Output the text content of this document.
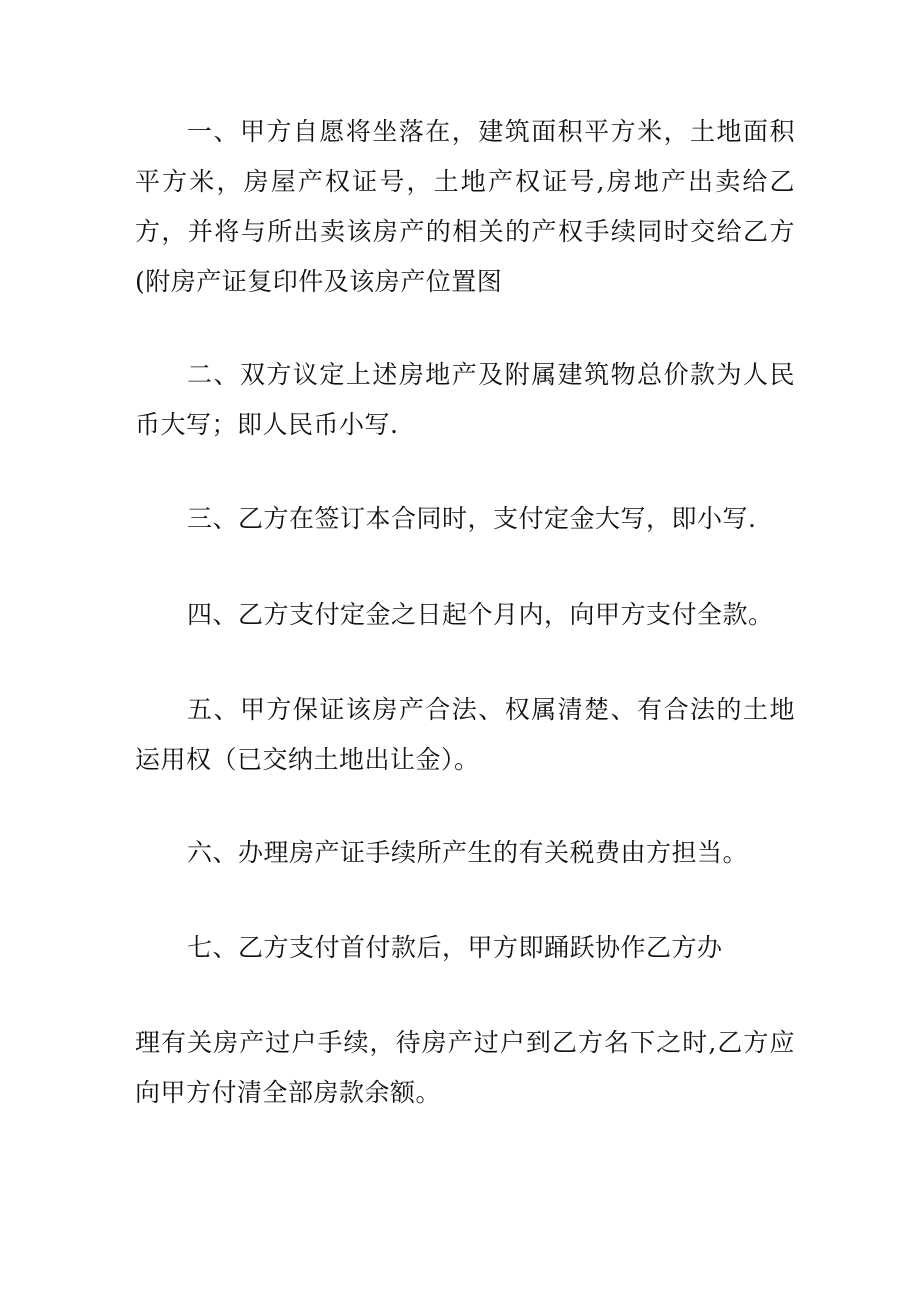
一、甲方自愿将坐落在，建筑面积平方米，土地面积平方米，房屋产权证号，土地产权证号,房地产出卖给乙方，并将与所出卖该房产的相关的产权手续同时交给乙方(附房产证复印件及该房产位置图

二、双方议定上述房地产及附属建筑物总价款为人民币大写；即人民币小写.

三、乙方在签订本合同时，支付定金大写，即小写.

四、乙方支付定金之日起个月内，向甲方支付全款。

五、甲方保证该房产合法、权属清楚、有合法的土地运用权（已交纳土地出让金）。

六、办理房产证手续所产生的有关税费由方担当。

七、乙方支付首付款后，甲方即踊跃协作乙方办

理有关房产过户手续，待房产过户到乙方名下之时,乙方应向甲方付清全部房款余额。
